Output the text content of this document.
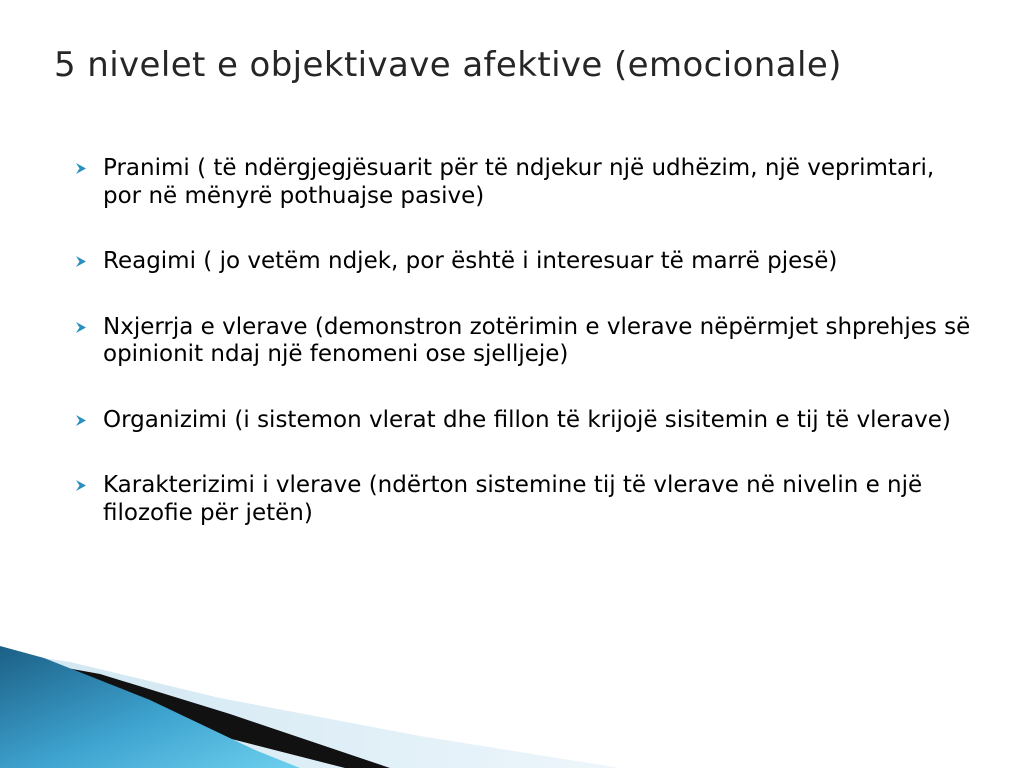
5 nivelet e objektivave afektive (emocionale)
Pranimi ( të ndërgjegjësuarit për të ndjekur një udhëzim, një veprimtari, por në mënyrë pothuajse pasive)
Reagimi ( jo vetëm ndjek, por është i interesuar të marrë pjesë)
Nxjerrja e vlerave (demonstron zotërimin e vlerave nëpërmjet shprehjes së opinionit ndaj një fenomeni ose sjelljeje)
Organizimi (i sistemon vlerat dhe fillon të krijojë sisitemin e tij të vlerave)
Karakterizimi i vlerave (ndërton sistemine tij të vlerave në nivelin e një filozofie për jetën)
